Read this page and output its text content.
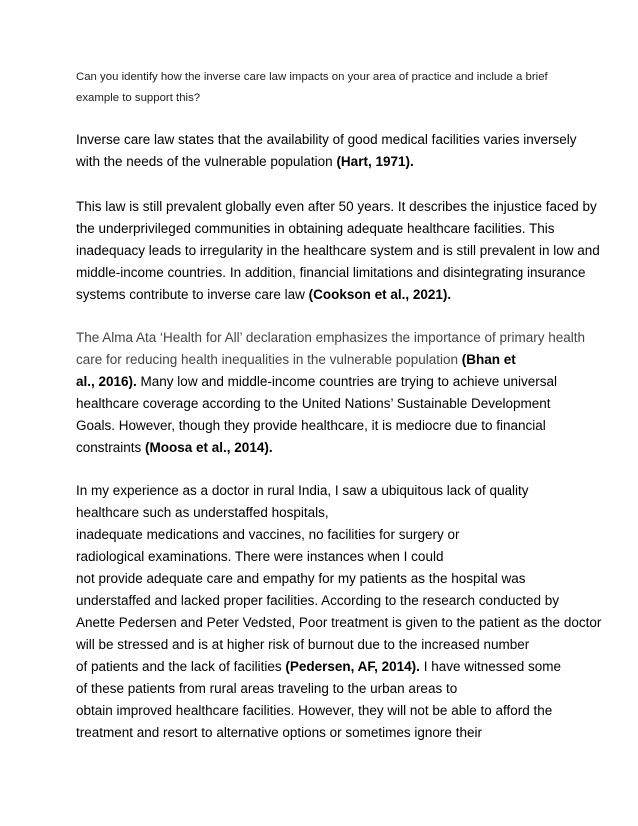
Can you identify how the inverse care law impacts on your area of practice and include a brief

example to support this?

Inverse care law states that the availability of good medical facilities varies inversely

with the needs of the vulnerable population (Hart, 1971).

This law is still prevalent globally even after 50 years. It describes the injustice faced by

the underprivileged communities in obtaining adequate healthcare facilities. This

inadequacy leads to irregularity in the healthcare system and is still prevalent in low and

middle-income countries. In addition, financial limitations and disintegrating insurance

systems contribute to inverse care law (Cookson et al., 2021).

The Alma Ata ‘Health for All’ declaration emphasizes the importance of primary health

care for reducing health inequalities in the vulnerable population (Bhan et

al., 2016). Many low and middle-income countries are trying to achieve universal

healthcare coverage according to the United Nations’ Sustainable Development

Goals. However, though they provide healthcare, it is mediocre due to financial

constraints (Moosa et al., 2014).

In my experience as a doctor in rural India, I saw a ubiquitous lack of quality

healthcare such as understaffed hospitals,

inadequate medications and vaccines, no facilities for surgery or

radiological examinations. There were instances when I could

not provide adequate care and empathy for my patients as the hospital was

understaffed and lacked proper facilities. According to the research conducted by

Anette Pedersen and Peter Vedsted, Poor treatment is given to the patient as the doctor

will be stressed and is at higher risk of burnout due to the increased number

of patients and the lack of facilities (Pedersen, AF, 2014). I have witnessed some

of these patients from rural areas traveling to the urban areas to

obtain improved healthcare facilities. However, they will not be able to afford the

treatment and resort to alternative options or sometimes ignore their
